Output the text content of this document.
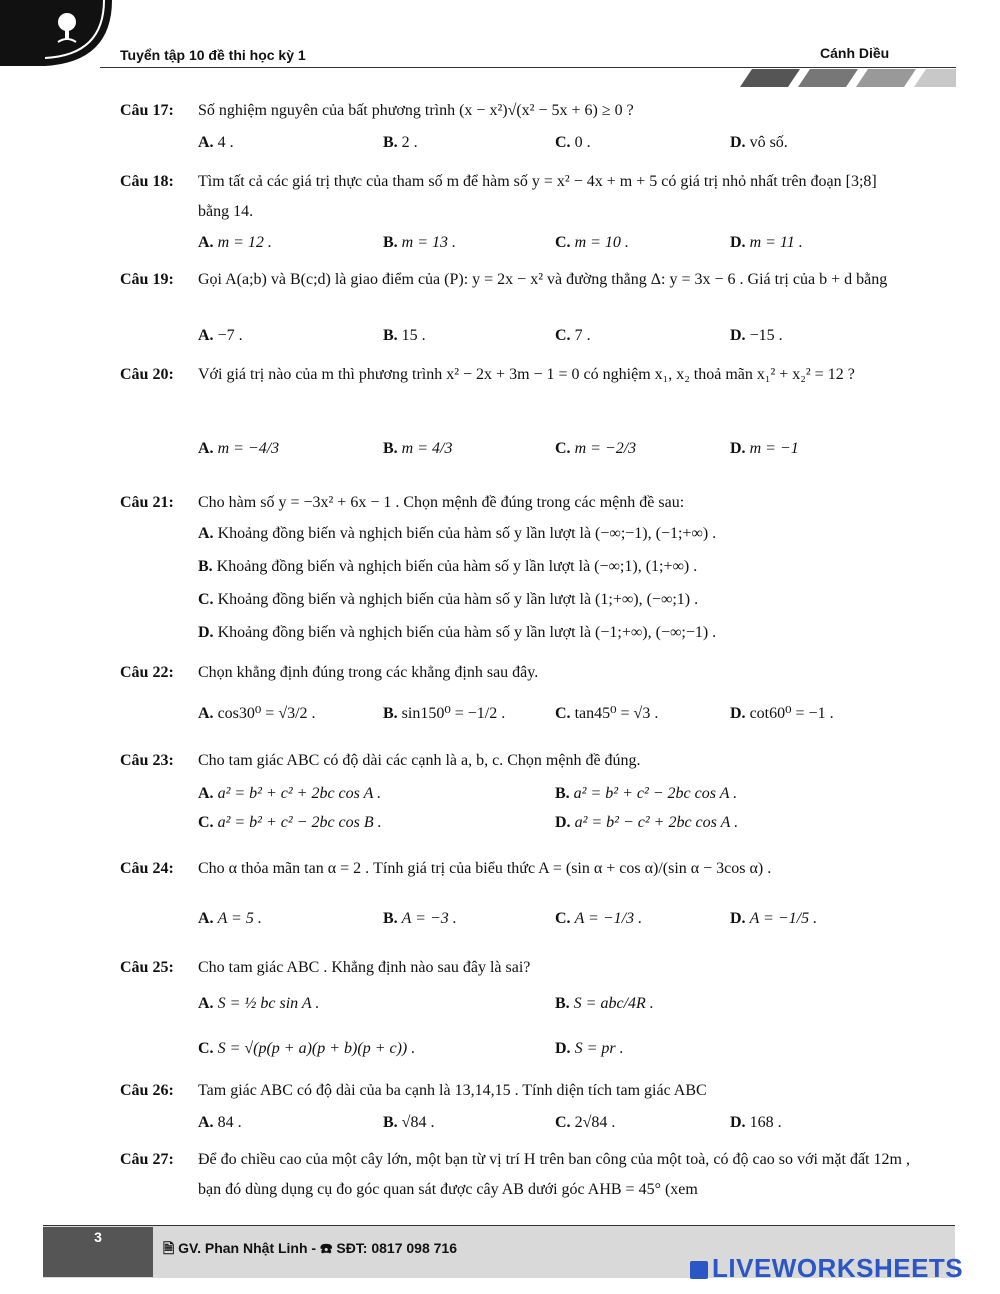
Tuyển tập 10 đề thi học kỳ 1	Cánh Diều
Câu 17: Số nghiệm nguyên của bất phương trình (x − x²)√(x² − 5x + 6) ≥ 0 ?
A. 4 .	B. 2 .	C. 0 .	D. vô số.
Câu 18: Tìm tất cả các giá trị thực của tham số m để hàm số y = x² − 4x + m + 5 có giá trị nhỏ nhất trên đoạn [3;8] bằng 14.
A. m = 12 .	B. m = 13 .	C. m = 10 .	D. m = 11 .
Câu 19: Gọi A(a;b) và B(c;d) là giao điểm của (P): y = 2x − x² và đường thẳng Δ: y = 3x − 6 . Giá trị của b + d bằng
A. −7 .	B. 15 .	C. 7 .	D. −15 .
Câu 20: Với giá trị nào của m thì phương trình x² − 2x + 3m − 1 = 0 có nghiệm x₁, x₂ thoả mãn x₁² + x₂² = 12 ?
A. m = −4/3	B. m = 4/3	C. m = −2/3	D. m = −1
Câu 21: Cho hàm số y = −3x² + 6x − 1 . Chọn mệnh đề đúng trong các mệnh đề sau:
A. Khoảng đồng biến và nghịch biến của hàm số y lần lượt là (−∞;−1), (−1;+∞) .
B. Khoảng đồng biến và nghịch biến của hàm số y lần lượt là (−∞;1), (1;+∞) .
C. Khoảng đồng biến và nghịch biến của hàm số y lần lượt là (1;+∞), (−∞;1) .
D. Khoảng đồng biến và nghịch biến của hàm số y lần lượt là (−1;+∞), (−∞;−1) .
Câu 22: Chọn khẳng định đúng trong các khẳng định sau đây.
A. cos30⁰ = √3/2 .	B. sin150⁰ = −1/2 .	C. tan45⁰ = √3 .	D. cot60⁰ = −1 .
Câu 23: Cho tam giác ABC có độ dài các cạnh là a, b, c. Chọn mệnh đề đúng.
A. a² = b² + c² + 2bc cos A .	B. a² = b² + c² − 2bc cos A .
C. a² = b² + c² − 2bc cos B .	D. a² = b² − c² + 2bc cos A .
Câu 24: Cho α thỏa mãn tan α = 2 . Tính giá trị của biểu thức A = (sin α + cos α)/(sin α − 3cos α) .
A. A = 5 .	B. A = −3 .	C. A = −1/3 .	D. A = −1/5 .
Câu 25: Cho tam giác ABC . Khẳng định nào sau đây là sai?
A. S = ½ bc sin A .	B. S = abc/4R .
C. S = √(p(p + a)(p + b)(p + c)) .	D. S = pr .
Câu 26: Tam giác ABC có độ dài của ba cạnh là 13,14,15 . Tính diện tích tam giác ABC
A. 84 .	B. √84 .	C. 2√84 .	D. 168 .
Câu 27: Để đo chiều cao của một cây lớn, một bạn từ vị trí H trên ban công của một toà, có độ cao so với mặt đất 12m , bạn đó dùng dụng cụ đo góc quan sát được cây AB dưới góc AHB = 45° (xem
3
🗎 GV. Phan Nhật Linh - ☎ SĐT: 0817 098 716
LIVEWORKSHEETS
